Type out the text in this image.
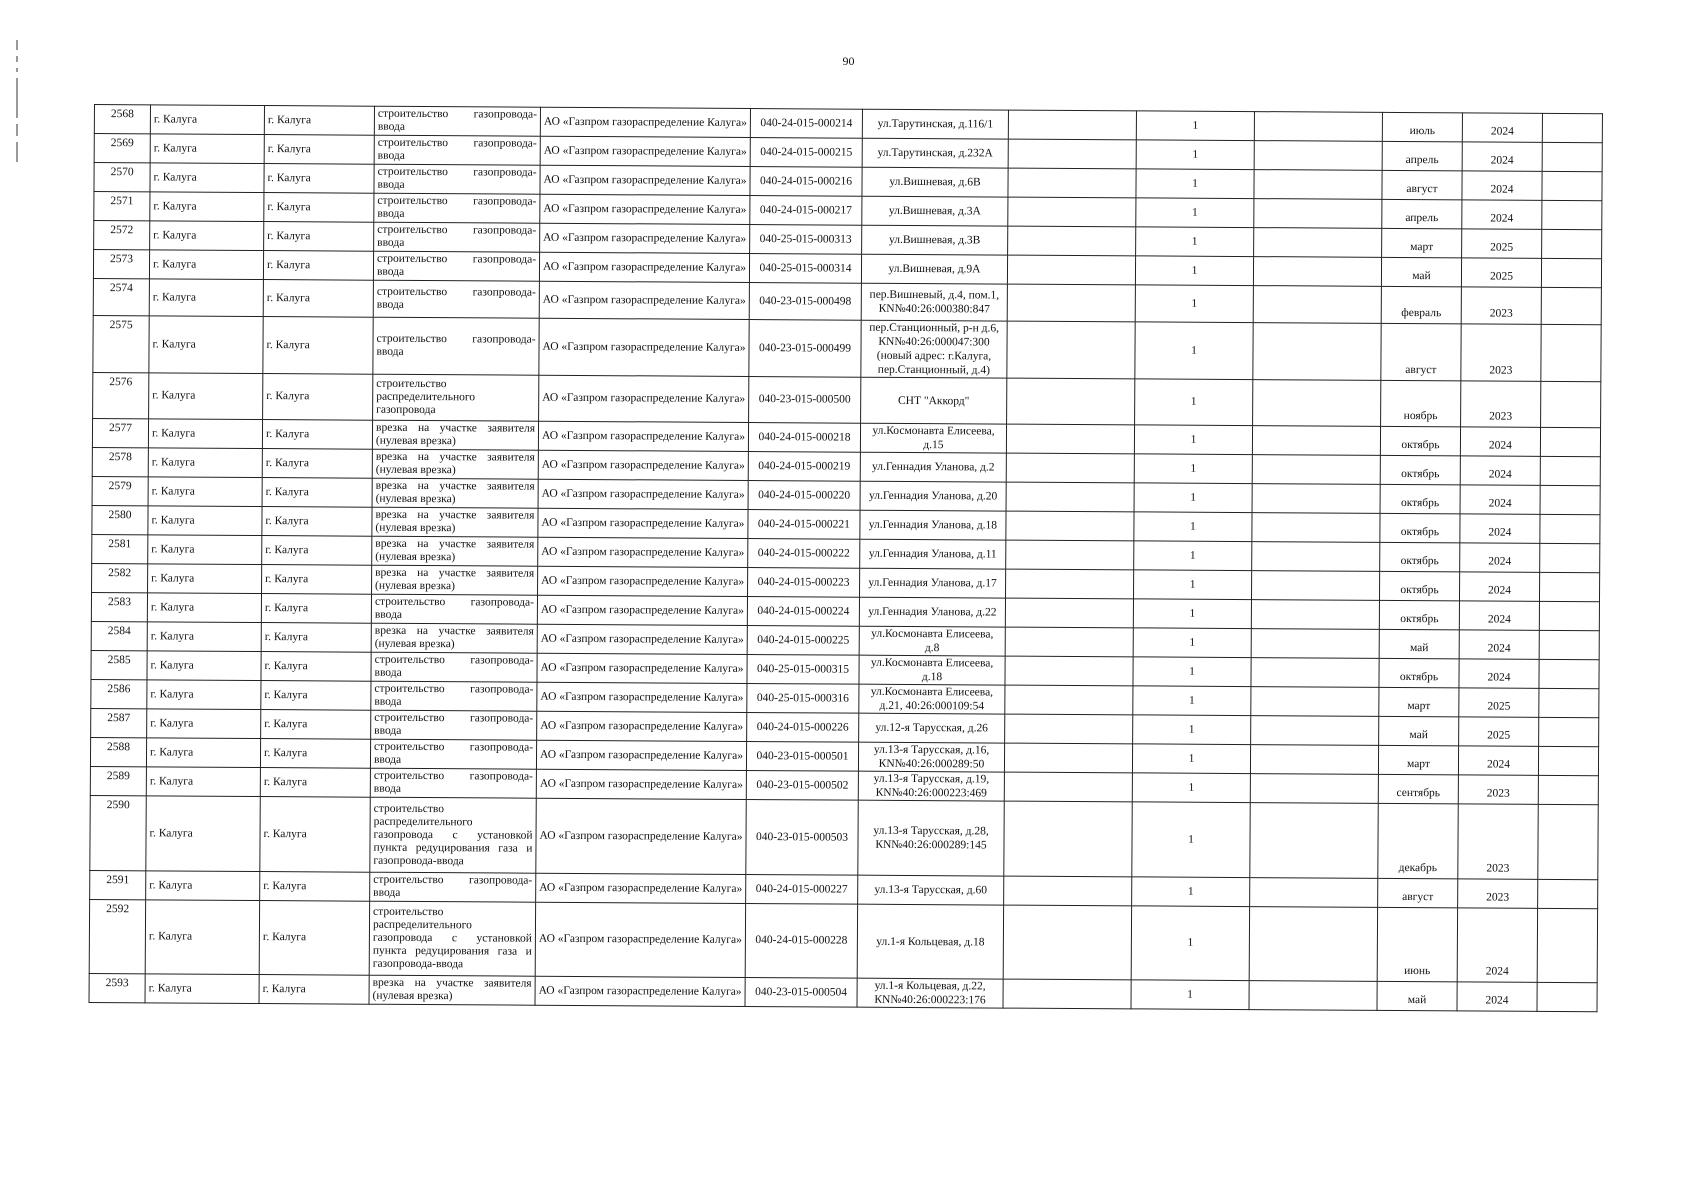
90
2568	г. Калуга	г. Калуга	строительство газопровода-ввода	АО «Газпром газораспределение Калуга»	040-24-015-000214	ул.Тарутинская, д.116/1		1		июль	2024	
2569	г. Калуга	г. Калуга	строительство газопровода-ввода	АО «Газпром газораспределение Калуга»	040-24-015-000215	ул.Тарутинская, д.232А		1		апрель	2024	
2570	г. Калуга	г. Калуга	строительство газопровода-ввода	АО «Газпром газораспределение Калуга»	040-24-015-000216	ул.Вишневая, д.6В		1		август	2024	
2571	г. Калуга	г. Калуга	строительство газопровода-ввода	АО «Газпром газораспределение Калуга»	040-24-015-000217	ул.Вишневая, д.3А		1		апрель	2024	
2572	г. Калуга	г. Калуга	строительство газопровода-ввода	АО «Газпром газораспределение Калуга»	040-25-015-000313	ул.Вишневая, д.3В		1		март	2025	
2573	г. Калуга	г. Калуга	строительство газопровода-ввода	АО «Газпром газораспределение Калуга»	040-25-015-000314	ул.Вишневая, д.9А		1		май	2025	
2574	г. Калуга	г. Калуга	строительство газопровода-ввода	АО «Газпром газораспределение Калуга»	040-23-015-000498	пер.Вишневый, д.4, пом.1, КN№40:26:000380:847		1		февраль	2023	
2575	г. Калуга	г. Калуга	строительство газопровода-ввода	АО «Газпром газораспределение Калуга»	040-23-015-000499	пер.Станционный, р-н д.6, КN№40:26:000047:300 (новый адрес: г.Калуга, пер.Станционный, д.4)		1		август	2023	
2576	г. Калуга	г. Калуга	строительство распределительного газопровода	АО «Газпром газораспределение Калуга»	040-23-015-000500	СНТ "Аккорд"		1		ноябрь	2023	
2577	г. Калуга	г. Калуга	врезка на участке заявителя (нулевая врезка)	АО «Газпром газораспределение Калуга»	040-24-015-000218	ул.Космонавта Елисеева, д.15		1		октябрь	2024	
2578	г. Калуга	г. Калуга	врезка на участке заявителя (нулевая врезка)	АО «Газпром газораспределение Калуга»	040-24-015-000219	ул.Геннадия Уланова, д.2		1		октябрь	2024	
2579	г. Калуга	г. Калуга	врезка на участке заявителя (нулевая врезка)	АО «Газпром газораспределение Калуга»	040-24-015-000220	ул.Геннадия Уланова, д.20		1		октябрь	2024	
2580	г. Калуга	г. Калуга	врезка на участке заявителя (нулевая врезка)	АО «Газпром газораспределение Калуга»	040-24-015-000221	ул.Геннадия Уланова, д.18		1		октябрь	2024	
2581	г. Калуга	г. Калуга	врезка на участке заявителя (нулевая врезка)	АО «Газпром газораспределение Калуга»	040-24-015-000222	ул.Геннадия Уланова, д.11		1		октябрь	2024	
2582	г. Калуга	г. Калуга	врезка на участке заявителя (нулевая врезка)	АО «Газпром газораспределение Калуга»	040-24-015-000223	ул.Геннадия Уланова, д.17		1		октябрь	2024	
2583	г. Калуга	г. Калуга	строительство газопровода-ввода	АО «Газпром газораспределение Калуга»	040-24-015-000224	ул.Геннадия Уланова, д.22		1		октябрь	2024	
2584	г. Калуга	г. Калуга	врезка на участке заявителя (нулевая врезка)	АО «Газпром газораспределение Калуга»	040-24-015-000225	ул.Космонавта Елисеева, д.8		1		май	2024	
2585	г. Калуга	г. Калуга	строительство газопровода-ввода	АО «Газпром газораспределение Калуга»	040-25-015-000315	ул.Космонавта Елисеева, д.18		1		октябрь	2024	
2586	г. Калуга	г. Калуга	строительство газопровода-ввода	АО «Газпром газораспределение Калуга»	040-25-015-000316	ул.Космонавта Елисеева, д.21, 40:26:000109:54		1		март	2025	
2587	г. Калуга	г. Калуга	строительство газопровода-ввода	АО «Газпром газораспределение Калуга»	040-24-015-000226	ул.12-я Тарусская, д.26		1		май	2025	
2588	г. Калуга	г. Калуга	строительство газопровода-ввода	АО «Газпром газораспределение Калуга»	040-23-015-000501	ул.13-я Тарусская, д.16, КN№40:26:000289:50		1		март	2024	
2589	г. Калуга	г. Калуга	строительство газопровода-ввода	АО «Газпром газораспределение Калуга»	040-23-015-000502	ул.13-я Тарусская, д.19, КN№40:26:000223:469		1		сентябрь	2023	
2590	г. Калуга	г. Калуга	строительство распределительного газопровода с установкой пункта редуцирования газа и газопровода-ввода	АО «Газпром газораспределение Калуга»	040-23-015-000503	ул.13-я Тарусская, д.28, КN№40:26:000289:145		1		декабрь	2023	
2591	г. Калуга	г. Калуга	строительство газопровода-ввода	АО «Газпром газораспределение Калуга»	040-24-015-000227	ул.13-я Тарусская, д.60		1		август	2023	
2592	г. Калуга	г. Калуга	строительство распределительного газопровода с установкой пункта редуцирования газа и газопровода-ввода	АО «Газпром газораспределение Калуга»	040-24-015-000228	ул.1-я Кольцевая, д.18		1		июнь	2024	
2593	г. Калуга	г. Калуга	врезка на участке заявителя (нулевая врезка)	АО «Газпром газораспределение Калуга»	040-23-015-000504	ул.1-я Кольцевая, д.22, КN№40:26:000223:176		1		май	2024	
